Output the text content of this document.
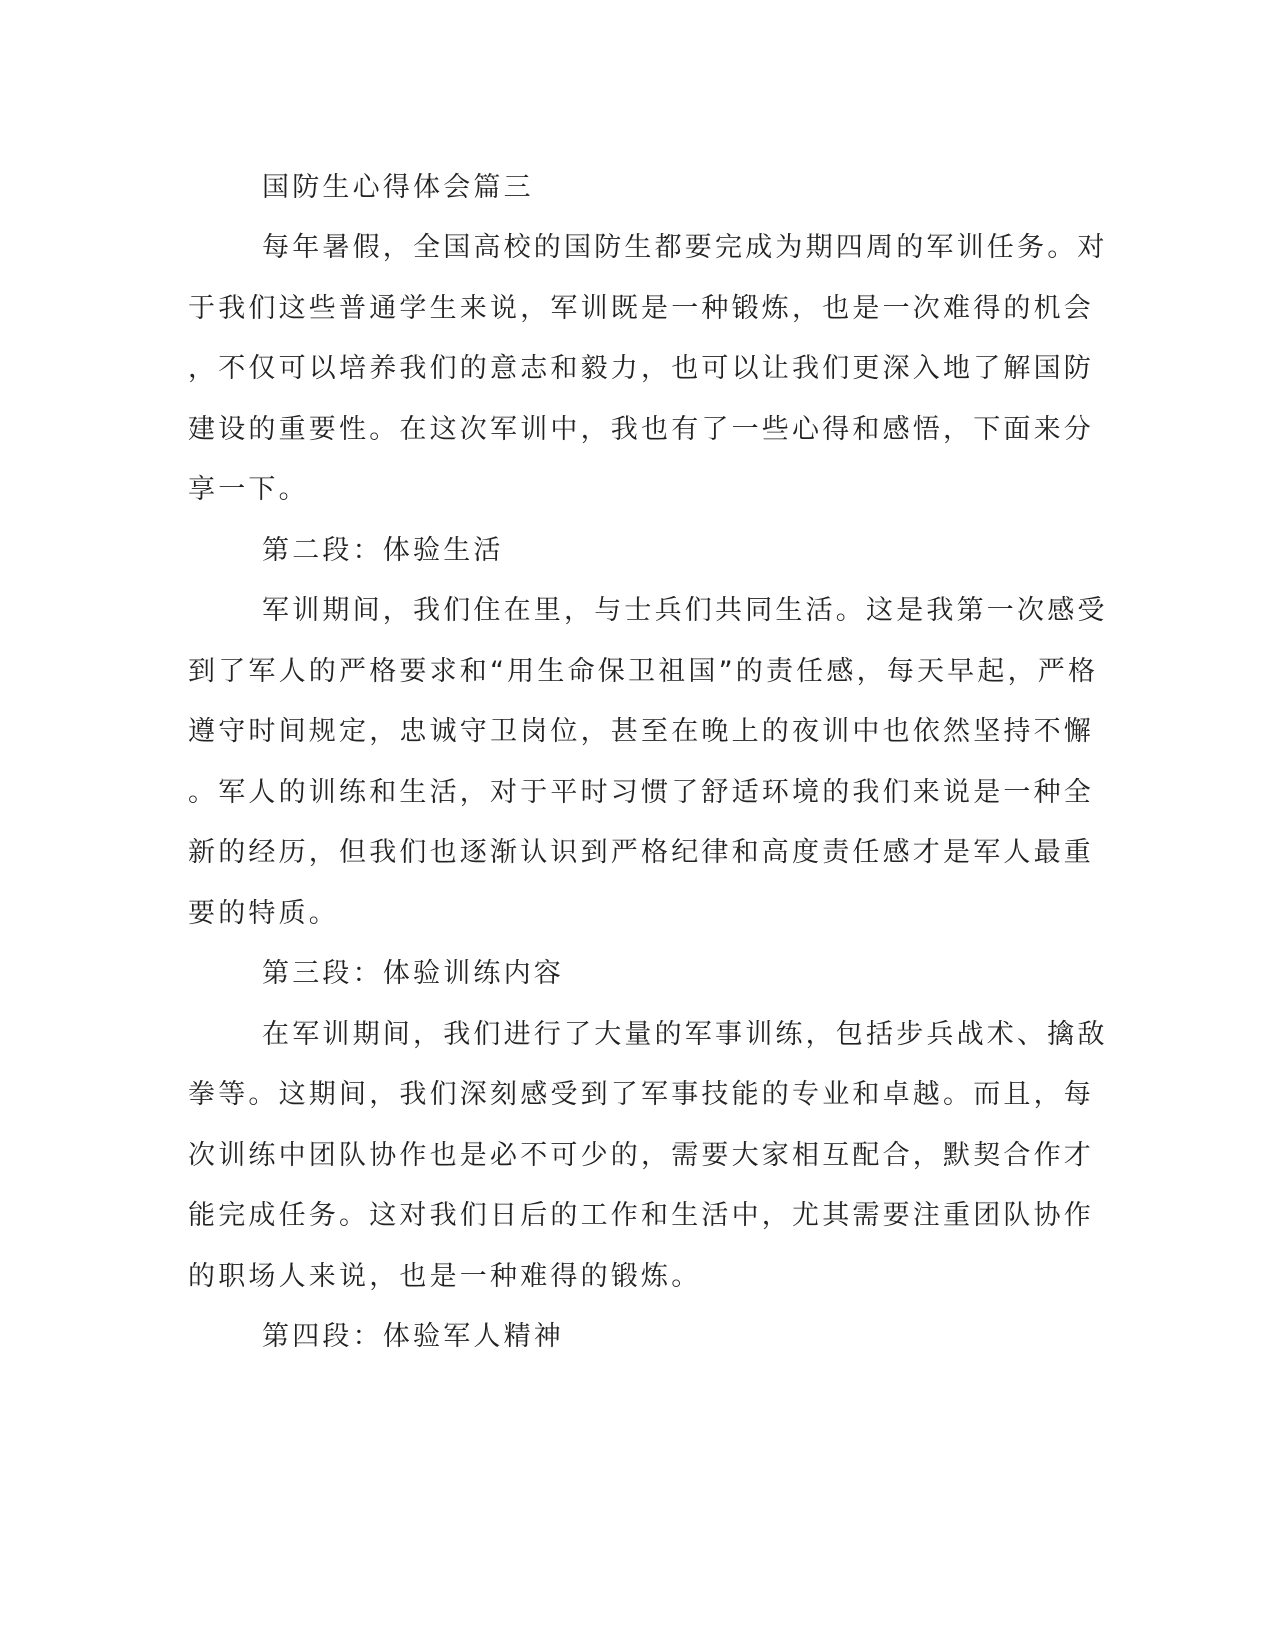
国防生心得体会篇三
每年暑假，全国高校的国防生都要完成为期四周的军训任务。对
于我们这些普通学生来说，军训既是一种锻炼，也是一次难得的机会
，不仅可以培养我们的意志和毅力，也可以让我们更深入地了解国防
建设的重要性。在这次军训中，我也有了一些心得和感悟，下面来分
享一下。
第二段：体验生活
军训期间，我们住在里，与士兵们共同生活。这是我第一次感受
到了军人的严格要求和“用生命保卫祖国”的责任感，每天早起，严格
遵守时间规定，忠诚守卫岗位，甚至在晚上的夜训中也依然坚持不懈
。军人的训练和生活，对于平时习惯了舒适环境的我们来说是一种全
新的经历，但我们也逐渐认识到严格纪律和高度责任感才是军人最重
要的特质。
第三段：体验训练内容
在军训期间，我们进行了大量的军事训练，包括步兵战术、擒敌
拳等。这期间，我们深刻感受到了军事技能的专业和卓越。而且，每
次训练中团队协作也是必不可少的，需要大家相互配合，默契合作才
能完成任务。这对我们日后的工作和生活中，尤其需要注重团队协作
的职场人来说，也是一种难得的锻炼。
第四段：体验军人精神
